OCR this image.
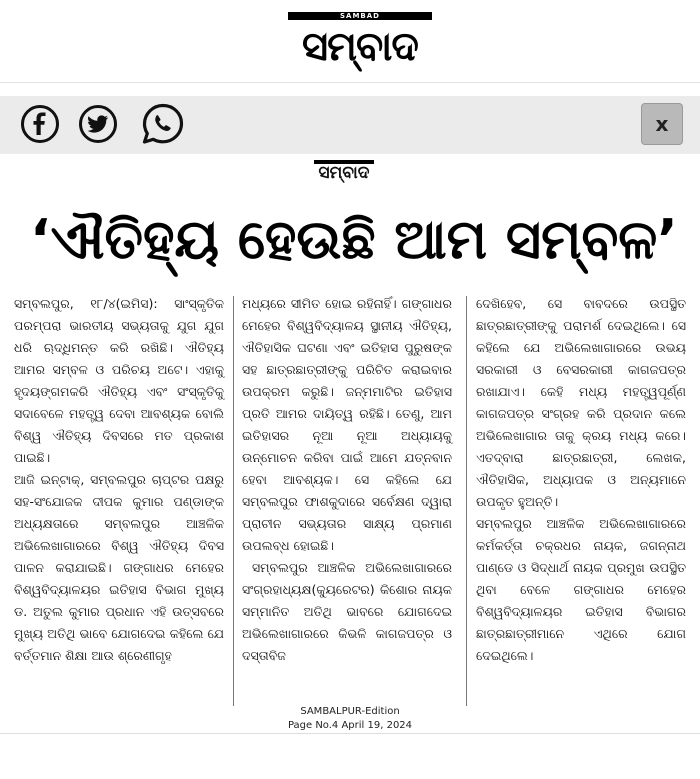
SAMBAD
ସମ୍ବାଦ
x
ସମ୍ବାଦ
‘ଐତିହ୍ୟ ହେଉଛି ଆମ ସମ୍ବଳ’

ସମ୍ବଲପୁର, ୧୮/୪(ଇମିସ): ସାଂସ୍କୃତିକ ପରମ୍ପରା ଭାରତୀୟ ସଭ୍ୟତାକୁ ଯୁଗ ଯୁଗ ଧରି ଋଦ୍ଧିମନ୍ତ କରି ରଖିଛି। ଐତିହ୍ୟ ଆମର ସମ୍ବଳ ଓ ପରିଚୟ ଅଟେ। ଏହାକୁ ହୃଦୟଙ୍ଗମକରି ଐତିହ୍ୟ ଏବଂ ସଂସ୍କୃତିକୁ ସଦାବେଳେ ମହତ୍ତ୍ୱ ଦେବା ଆବଶ୍ୟକ ବୋଲି ବିଶ୍ୱ ଐତିହ୍ୟ ଦିବସରେ ମତ ପ୍ରକାଶ ପାଇଛି।

ଆଜି ଇନ୍ଟାକ୍, ସମ୍ବଲପୁର ଚାପ୍ଟର ପକ୍ଷରୁ ସହ-ସଂଯୋଜକ ଦୀପକ କୁମାର ପଣ୍ଡାଙ୍କ ଅଧ୍ୟକ୍ଷତାରେ ସମ୍ବଲପୁର ଆଞ୍ଚଳିକ ଅଭିଲେଖାଗାରରେ ବିଶ୍ୱ ଐତିହ୍ୟ ଦିବସ ପାଳନ କରାଯାଇଛି। ଗଙ୍ଗାଧର ମେହେର ବିଶ୍ୱବିଦ୍ୟାଳୟର ଇତିହାସ ବିଭାଗ ମୁଖ୍ୟ ଡ. ଅତୁଲ କୁମାର ପ୍ରଧାନ ଏହି ଉତ୍ସବରେ ମୁଖ୍ୟ ଅତିଥି ଭାବେ ଯୋଗଦେଇ କହିଲେ ଯେ ବର୍ତ୍ତମାନ ଶିକ୍ଷା ଆଉ ଶ୍ରେଣୀଗୃହ

ମଧ୍ୟରେ ସୀମିତ ହୋଇ ରହିନାହିଁ। ଗଙ୍ଗାଧର ମେହେର ବିଶ୍ୱବିଦ୍ୟାଳୟ ସ୍ଥାନୀୟ ଐତିହ୍ୟ, ଐତିହାସିକ ଘଟଣା ଏବଂ ଇତିହାସ ପୁରୁଷଙ୍କ ସହ ଛାତ୍ରଛାତ୍ରୀଙ୍କୁ ପରିଚିତ କରାଇବାର ଉପକ୍ରମ କରୁଛି। ଜନ୍ମମାଟିର ଇତିହାସ ପ୍ରତି ଆମର ଦାୟିତ୍ୱ ରହିଛି। ତେଣୁ, ଆମ ଇତିହାସର ନୂଆ ନୂଆ ଅଧ୍ୟାୟକୁ ଉନ୍ମୋଚନ କରିବା ପାଇଁ ଆମେ ଯତ୍ନବାନ ହେବା ଆବଶ୍ୟକ। ସେ କହିଲେ ଯେ ସମ୍ବଲପୁର ଫାଶକୁଦାରେ ସର୍ବେକ୍ଷଣ ଦ୍ୱାରା ପ୍ରାଚୀନ ସଭ୍ୟତାର ସାକ୍ଷ୍ୟ ପ୍ରମାଣ ଉପଲବ୍ଧ ହୋଇଛି।

ସମ୍ବଲପୁର ଆଞ୍ଚଳିକ ଅଭିଲେଖାଗାରରେ ସଂଗ୍ରହାଧ୍ୟକ୍ଷ(କ୍ୟୁରେଟର) କିଶୋର ନାୟକ ସମ୍ମାନିତ ଅତିଥି ଭାବରେ ଯୋଗଦେଇ ଅଭିଲେଖାଗାରରେ କିଭଳି କାଗଜପତ୍ର ଓ ଦସ୍ତାବିଜ

ଦେଖିହେବ, ସେ ବାବଦରେ ଉପସ୍ଥିତ ଛାତ୍ରଛାତ୍ରୀଙ୍କୁ ପରାମର୍ଶ ଦେଇଥିଲେ। ସେ କହିଲେ ଯେ ଅଭିଲେଖାଗାରରେ ଉଭୟ ସରକାରୀ ଓ ବେସରକାରୀ କାଗଜପତ୍ର ରଖାଯାଏ। କେହି ମଧ୍ୟ ମହତ୍ତ୍ୱପୂର୍ଣ୍ଣ କାଗଜପତ୍ର ସଂଗ୍ରହ କରି ପ୍ରଦାନ କଲେ ଅଭିଲେଖାଗାର ତାକୁ କ୍ରୟ ମଧ୍ୟ କରେ। ଏତଦ୍ବାରା ଛାତ୍ରଛାତ୍ରୀ, ଲେଖକ, ଐତିହାସିକ, ଅଧ୍ୟାପକ ଓ ଅନ୍ୟମାନେ ଉପକୃତ ହୁଅନ୍ତି।

ସମ୍ବଲପୁର ଆଞ୍ଚଳିକ ଅଭିଲେଖାଗାରରେ କର୍ମକର୍ତ୍ତା ଚକ୍ରଧର ନାୟକ, ଜଗନ୍ନାଥ ପାଣ୍ଡେ ଓ ସିଦ୍ଧାର୍ଥ ନାୟକ ପ୍ରମୁଖ ଉପସ୍ଥିତ ଥିବା ବେଳେ ଗଙ୍ଗାଧର ମେହେର ବିଶ୍ୱବିଦ୍ୟାଳୟର ଇତିହାସ ବିଭାଗର ଛାତ୍ରଛାତ୍ରୀମାନେ ଏଥିରେ ଯୋଗ ଦେଇଥିଲେ।

SAMBALPUR-Edition
Page No.4 April 19, 2024
